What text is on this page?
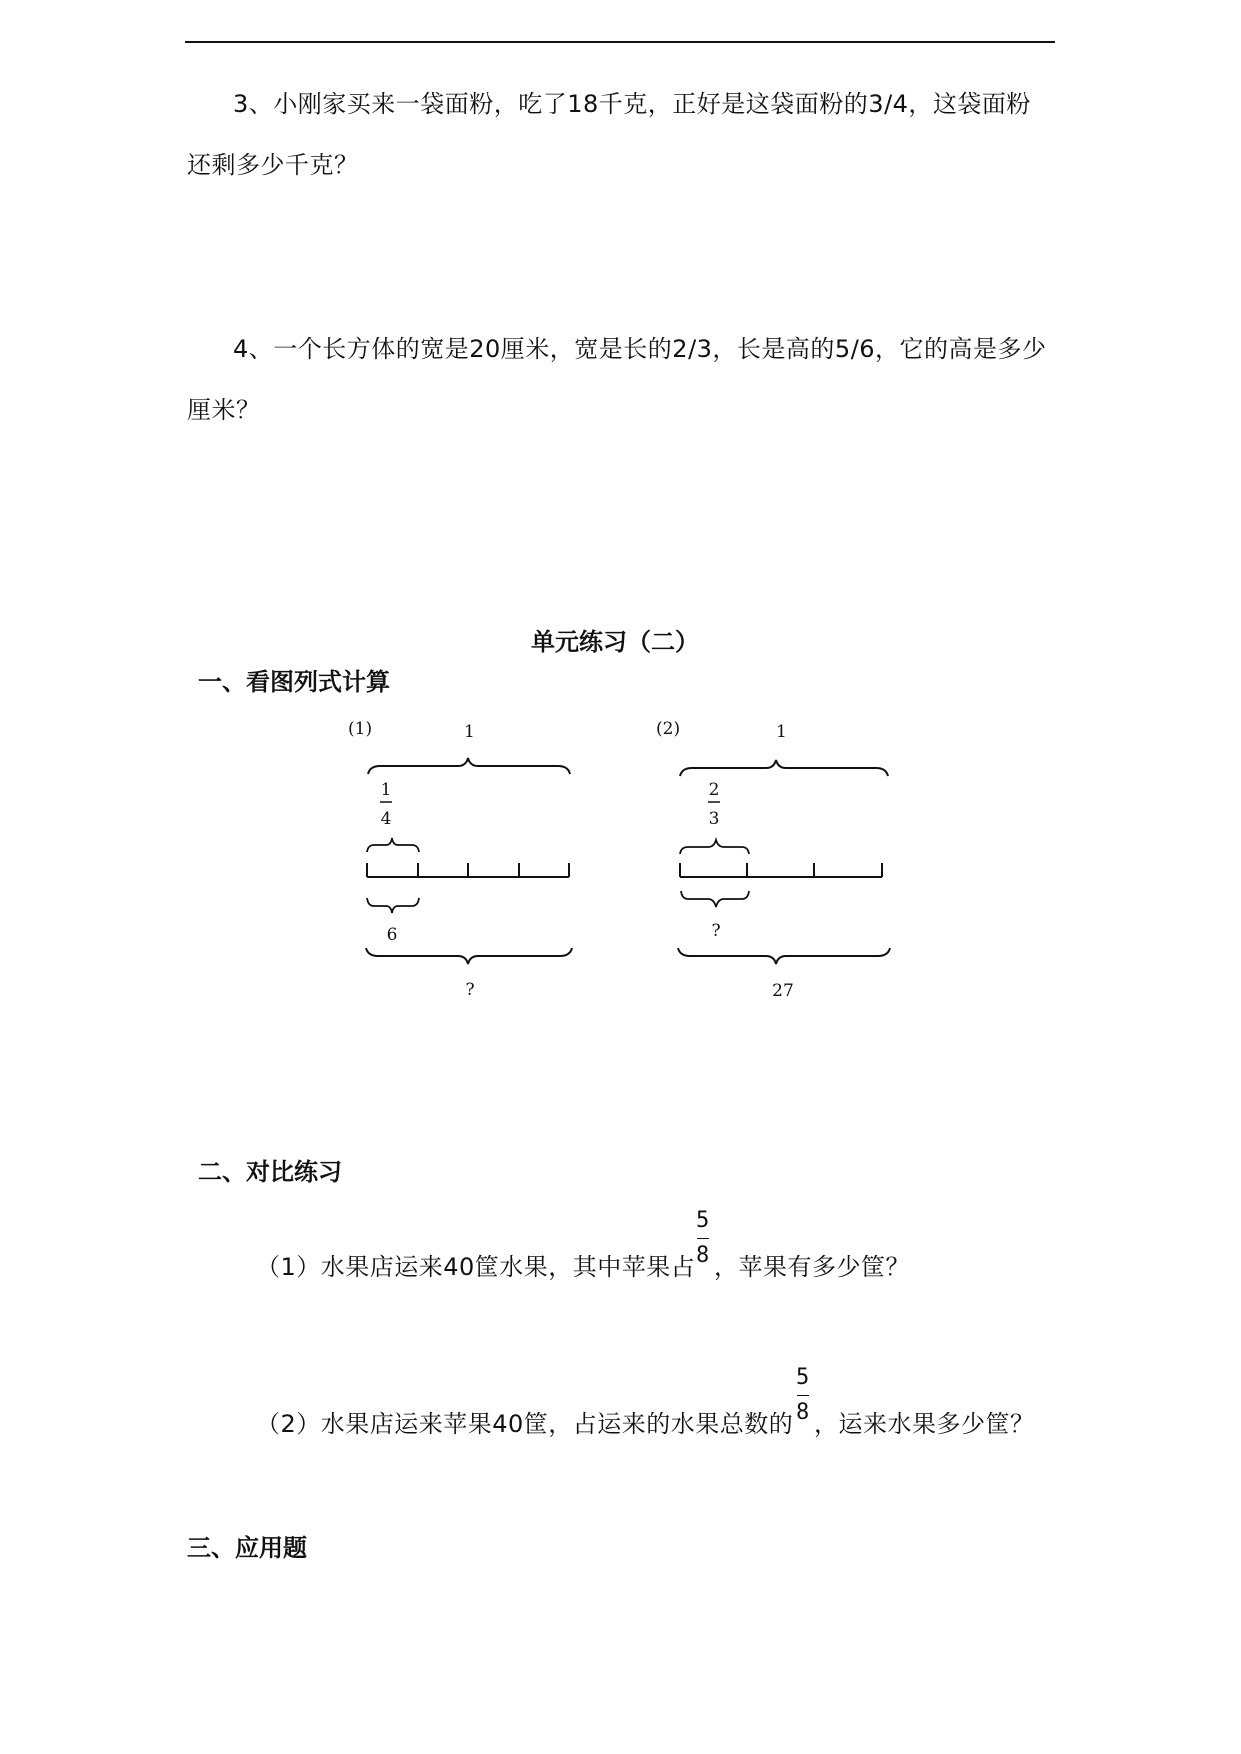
3、小刚家买来一袋面粉，吃了18千克，正好是这袋面粉的3/4，这袋面粉
还剩多少千克？
4、一个长方体的宽是20厘米，宽是长的2/3，长是高的5/6，它的高是多少
厘米？
单元练习（二）
一、看图列式计算
(1)	1
1
4
6
?
(2)	1
2
3
?
27
二、对比练习
（1）水果店运来40筐水果，其中苹果占
5
8 ，苹果有多少筐？
（2）水果店运来苹果40筐，占运来的水果总数的
5
8 ，运来水果多少筐？
三、应用题
